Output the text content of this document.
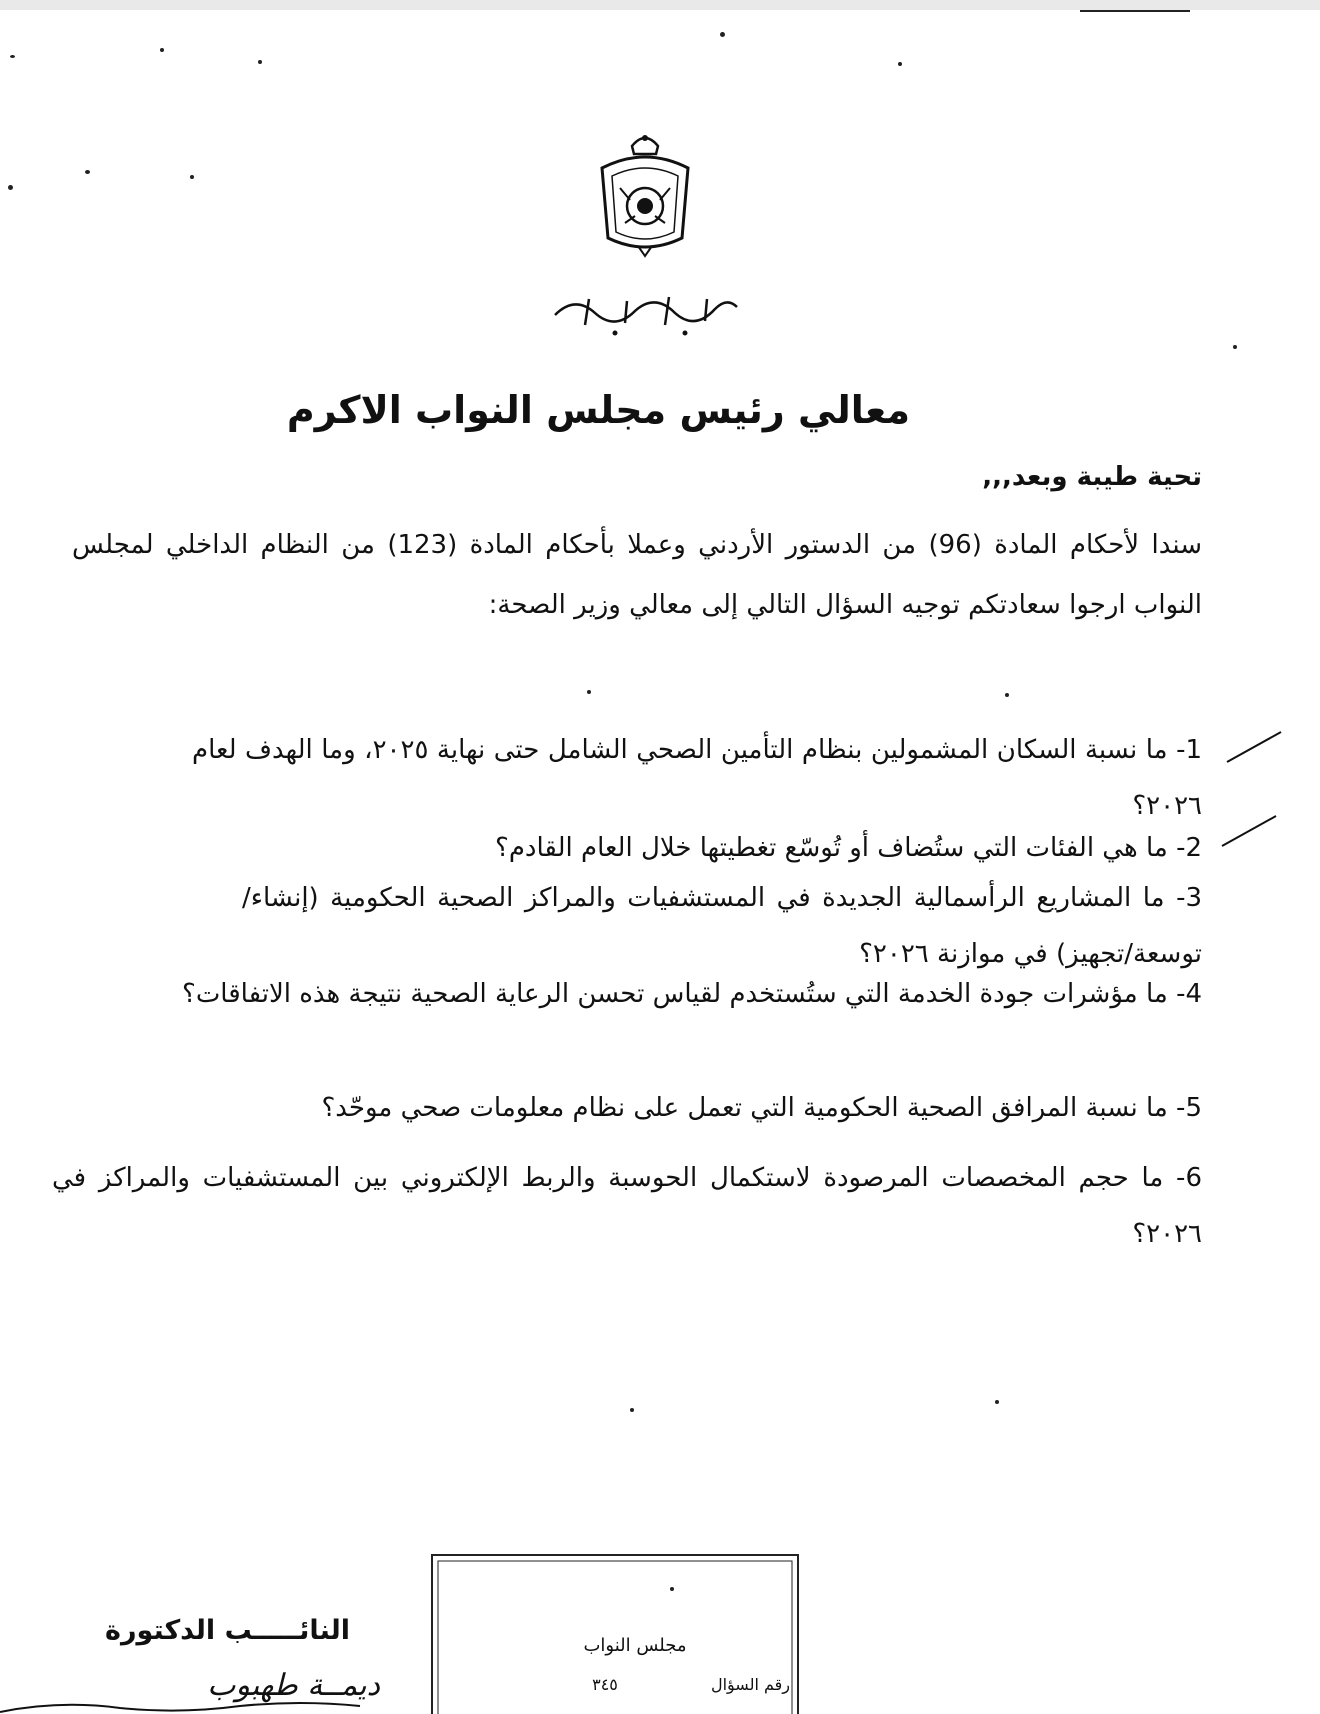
معالي رئيس مجلس النواب الاكرم
تحية طيبة وبعد,,,
سندا لأحكام المادة (96) من الدستور الأردني وعملا بأحكام المادة (123) من النظام الداخلي لمجلس النواب ارجوا سعادتكم توجيه السؤال التالي إلى معالي وزير الصحة:
1- ما نسبة السكان المشمولين بنظام التأمين الصحي الشامل حتى نهاية ٢٠٢٥، وما الهدف لعام ٢٠٢٦؟
2- ما هي الفئات التي ستُضاف أو تُوسّع تغطيتها خلال العام القادم؟
3- ما المشاريع الرأسمالية الجديدة في المستشفيات والمراكز الصحية الحكومية (إنشاء/توسعة/تجهيز) في موازنة ٢٠٢٦؟
4- ما مؤشرات جودة الخدمة التي ستُستخدم لقياس تحسن الرعاية الصحية نتيجة هذه الاتفاقات؟
5- ما نسبة المرافق الصحية الحكومية التي تعمل على نظام معلومات صحي موحّد؟
6- ما حجم المخصصات المرصودة لاستكمال الحوسبة والربط الإلكتروني بين المستشفيات والمراكز في ٢٠٢٦؟
النائـــــب الدكتورة
ديمــة طهبوب
مجلس النواب
رقم السؤال
٣٤٥
